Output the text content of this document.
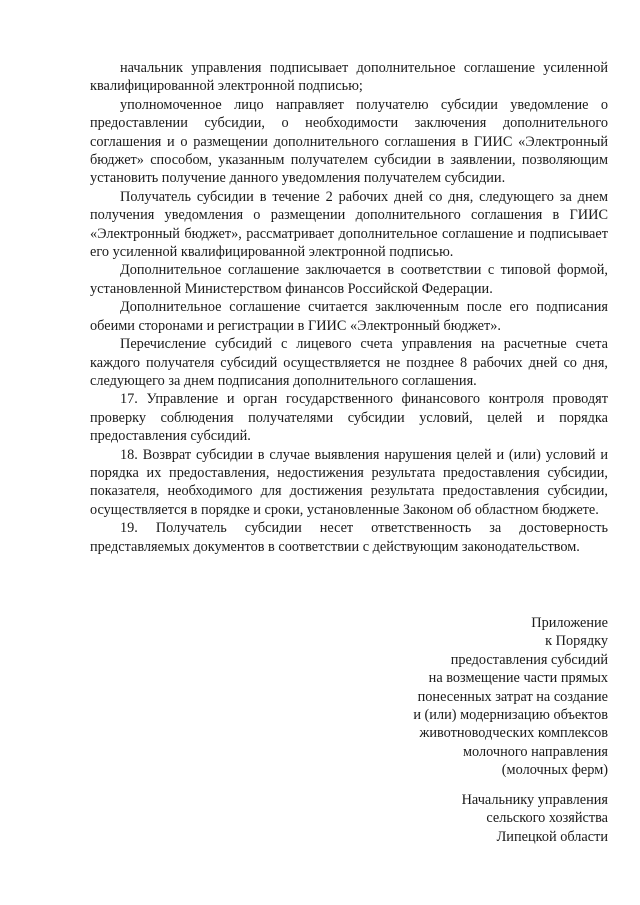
начальник управления подписывает дополнительное соглашение усиленной квалифицированной электронной подписью;

уполномоченное лицо направляет получателю субсидии уведомление о предоставлении субсидии, о необходимости заключения дополнительного соглашения и о размещении дополнительного соглашения в ГИИС «Электронный бюджет» способом, указанным получателем субсидии в заявлении, позволяющим установить получение данного уведомления получателем субсидии.

Получатель субсидии в течение 2 рабочих дней со дня, следующего за днем получения уведомления о размещении дополнительного соглашения в ГИИС «Электронный бюджет», рассматривает дополнительное соглашение и подписывает его усиленной квалифицированной электронной подписью.

Дополнительное соглашение заключается в соответствии с типовой формой, установленной Министерством финансов Российской Федерации.

Дополнительное соглашение считается заключенным после его подписания обеими сторонами и регистрации в ГИИС «Электронный бюджет».

Перечисление субсидий с лицевого счета управления на расчетные счета каждого получателя субсидий осуществляется не позднее 8 рабочих дней со дня, следующего за днем подписания дополнительного соглашения.

17. Управление и орган государственного финансового контроля проводят проверку соблюдения получателями субсидии условий, целей и порядка предоставления субсидий.

18. Возврат субсидии в случае выявления нарушения целей и (или) условий и порядка их предоставления, недостижения результата предоставления субсидии, показателя, необходимого для достижения результата предоставления субсидии, осуществляется в порядке и сроки, установленные Законом об областном бюджете.

19. Получатель субсидии несет ответственность за достоверность представляемых документов в соответствии с действующим законодательством.

Приложение
к Порядку
предоставления субсидий
на возмещение части прямых
понесенных затрат на создание
и (или) модернизацию объектов
животноводческих комплексов
молочного направления
(молочных ферм)
Начальнику управления
сельского хозяйства
Липецкой области
